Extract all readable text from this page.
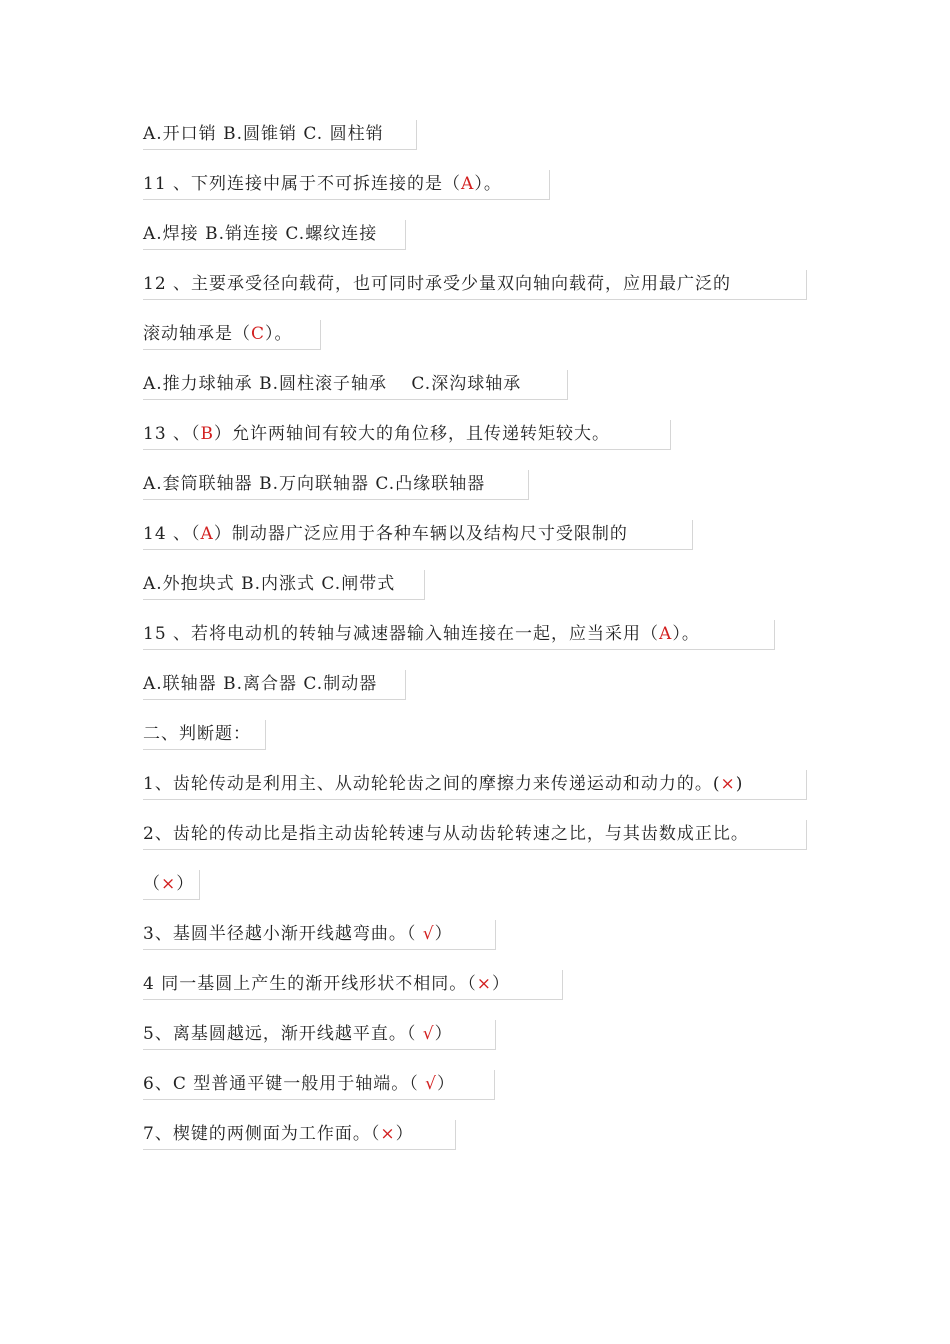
A.开口销 B.圆锥销 C. 圆柱销
11 、下列连接中属于不可拆连接的是（A）。
A.焊接 B.销连接 C.螺纹连接
12 、主要承受径向载荷，也可同时承受少量双向轴向载荷，应用最广泛的
滚动轴承是（C）。
A.推力球轴承 B.圆柱滚子轴承　 C.深沟球轴承
13 、（B）允许两轴间有较大的角位移，且传递转矩较大。
A.套筒联轴器 B.万向联轴器 C.凸缘联轴器
14 、（A）制动器广泛应用于各种车辆以及结构尺寸受限制的
A.外抱块式 B.内涨式 C.闸带式
15 、若将电动机的转轴与减速器输入轴连接在一起，应当采用（A）。
A.联轴器 B.离合器 C.制动器
二、判断题：
1、齿轮传动是利用主、从动轮轮齿之间的摩擦力来传递运动和动力的。(×)
2、齿轮的传动比是指主动齿轮转速与从动齿轮转速之比，与其齿数成正比。
（×）
3、基圆半径越小渐开线越弯曲。（ √）
4 同一基圆上产生的渐开线形状不相同。（×）
5、离基圆越远，渐开线越平直。（ √）
6、C 型普通平键一般用于轴端。（ √）
7、楔键的两侧面为工作面。（×）
